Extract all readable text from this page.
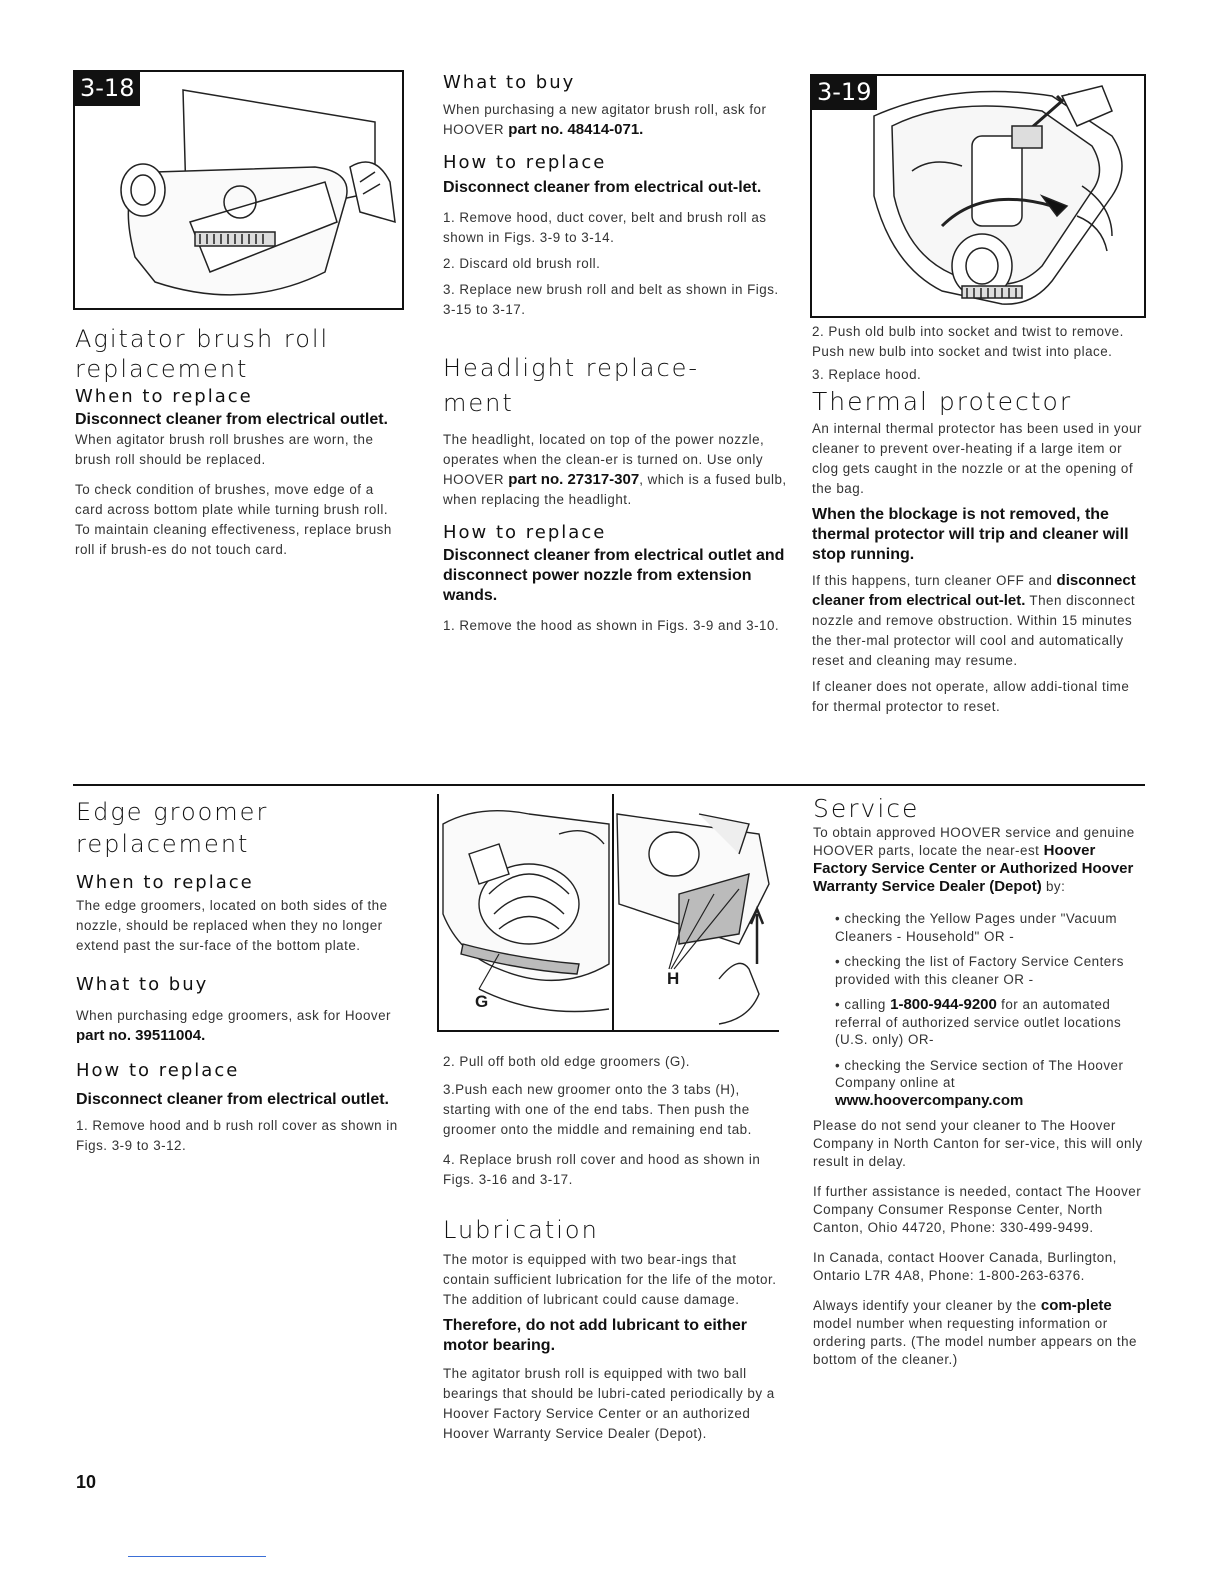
3-18
Agitator brush roll
replacement
When to replace

Disconnect cleaner from electrical outlet.

When agitator brush roll brushes are worn, the brush roll should be replaced.

To check condition of brushes, move edge of a card across bottom plate while turning brush roll. To maintain cleaning effectiveness, replace brush roll if brush-es do not touch card.

What to buy

When purchasing a new agitator brush roll, ask for HOOVER part no. 48414-071.

How to replace

Disconnect cleaner from electrical out-let.

1. Remove hood, duct cover, belt and brush roll as shown in Figs. 3-9 to 3-14.

2. Discard old brush roll.

3. Replace new brush roll and belt as shown in Figs. 3-15 to 3-17.

Headlight replace-
ment

The headlight, located on top of the power nozzle, operates when the clean-er is turned on. Use only HOOVER part no. 27317-307, which is a fused bulb, when replacing the headlight.

How to replace

Disconnect cleaner from electrical outlet and disconnect power nozzle from extension wands.

1. Remove the hood as shown in Figs. 3-9 and 3-10.

3-19

2. Push old bulb into socket and twist to remove. Push new bulb into socket and twist into place.

3. Replace hood.

Thermal protector

An internal thermal protector has been used in your cleaner to prevent over-heating if a large item or clog gets caught in the nozzle or at the opening of the bag.

When the blockage is not removed, the thermal protector will trip and cleaner will stop running.

If this happens, turn cleaner OFF and disconnect cleaner from electrical out-let. Then disconnect nozzle and remove obstruction. Within 15 minutes the ther-mal protector will cool and automatically reset and cleaning may resume.

If cleaner does not operate, allow addi-tional time for thermal protector to reset.

Edge groomer
replacement
When to replace

The edge groomers, located on both sides of the nozzle, should be replaced when they no longer extend past the sur-face of the bottom plate.

What to buy

When purchasing edge groomers, ask for Hoover part no. 39511004.

How to replace

Disconnect cleaner from electrical outlet.

1. Remove hood and b rush roll cover as shown in Figs. 3-9 to 3-12.

G
H

2. Pull off both old edge groomers (G).

3.Push each new groomer onto the 3 tabs (H), starting with one of the end tabs. Then push the groomer onto the middle and remaining end tab.

4. Replace brush roll cover and hood as shown in Figs. 3-16 and 3-17.

Lubrication

The motor is equipped with two bear-ings that contain sufficient lubrication for the life of the motor. The addition of lubricant could cause damage.

Therefore, do not add lubricant to either motor bearing.

The agitator brush roll is equipped with two ball bearings that should be lubri-cated periodically by a Hoover Factory Service Center or an authorized Hoover Warranty Service Dealer (Depot).

Service

To obtain approved HOOVER service and genuine HOOVER parts, locate the near-est Hoover Factory Service Center or Authorized Hoover Warranty Service Dealer (Depot) by:

• checking the Yellow Pages under "Vacuum Cleaners - Household" OR -

• checking the list of Factory Service Centers provided with this cleaner OR -

• calling 1-800-944-9200 for an automated referral of authorized service outlet locations (U.S. only) OR-

• checking the Service section of The Hoover Company online at
www.hoovercompany.com

Please do not send your cleaner to The Hoover Company in North Canton for ser-vice, this will only result in delay.

If further assistance is needed, contact The Hoover Company Consumer Response Center, North Canton, Ohio 44720, Phone: 330-499-9499.

In Canada, contact Hoover Canada, Burlington, Ontario L7R 4A8, Phone: 1-800-263-6376.

Always identify your cleaner by the com-plete model number when requesting information or ordering parts. (The model number appears on the bottom of the cleaner.)

10
